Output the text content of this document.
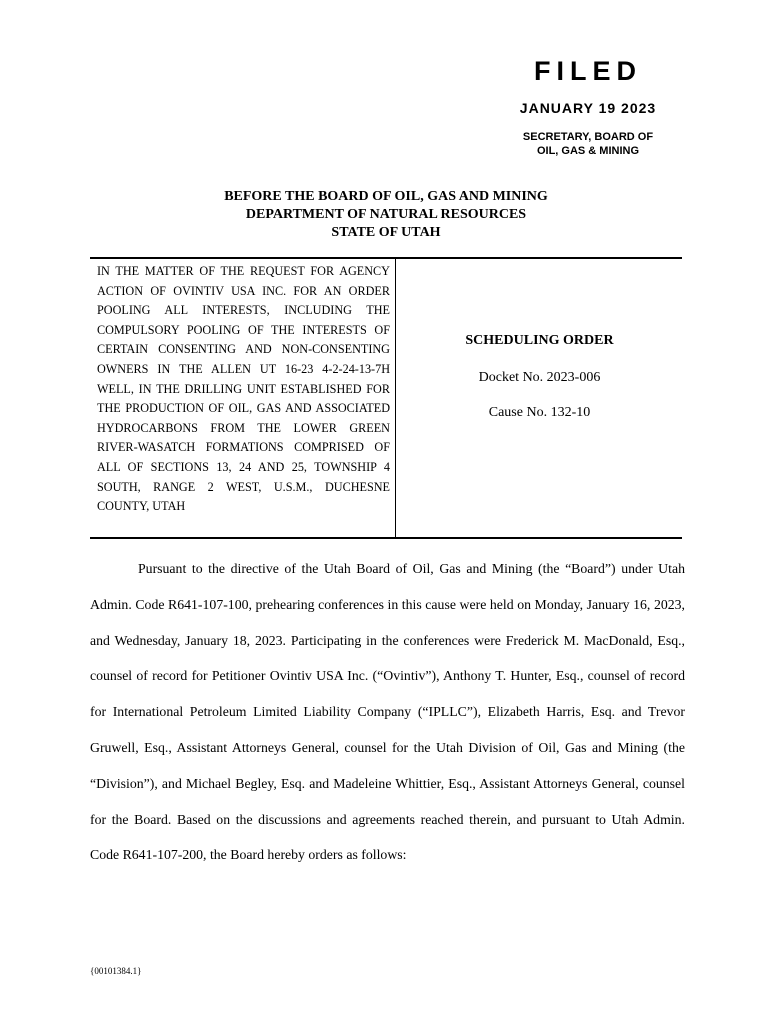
FILED
JANUARY 19 2023
SECRETARY, BOARD OF
OIL, GAS & MINING
BEFORE THE BOARD OF OIL, GAS AND MINING
DEPARTMENT OF NATURAL RESOURCES
STATE OF UTAH
IN THE MATTER OF THE REQUEST FOR AGENCY ACTION OF OVINTIV USA INC. FOR AN ORDER POOLING ALL INTERESTS, INCLUDING THE COMPULSORY POOLING OF THE INTERESTS OF CERTAIN CONSENTING AND NON-CONSENTING OWNERS IN THE ALLEN UT 16-23 4-2-24-13-7H WELL, IN THE DRILLING UNIT ESTABLISHED FOR THE PRODUCTION OF OIL, GAS AND ASSOCIATED HYDROCARBONS FROM THE LOWER GREEN RIVER-WASATCH FORMATIONS COMPRISED OF ALL OF SECTIONS 13, 24 AND 25, TOWNSHIP 4 SOUTH, RANGE 2 WEST, U.S.M., DUCHESNE COUNTY, UTAH
SCHEDULING ORDER
Docket No. 2023-006
Cause No. 132-10

Pursuant to the directive of the Utah Board of Oil, Gas and Mining (the “Board”) under Utah Admin. Code R641-107-100, prehearing conferences in this cause were held on Monday, January 16, 2023, and Wednesday, January 18, 2023. Participating in the conferences were Frederick M. MacDonald, Esq., counsel of record for Petitioner Ovintiv USA Inc. (“Ovintiv”), Anthony T. Hunter, Esq., counsel of record for International Petroleum Limited Liability Company (“IPLLC”), Elizabeth Harris, Esq. and Trevor Gruwell, Esq., Assistant Attorneys General, counsel for the Utah Division of Oil, Gas and Mining (the “Division”), and Michael Begley, Esq. and Madeleine Whittier, Esq., Assistant Attorneys General, counsel for the Board. Based on the discussions and agreements reached therein, and pursuant to Utah Admin. Code R641-107-200, the Board hereby orders as follows:

{00101384.1}
